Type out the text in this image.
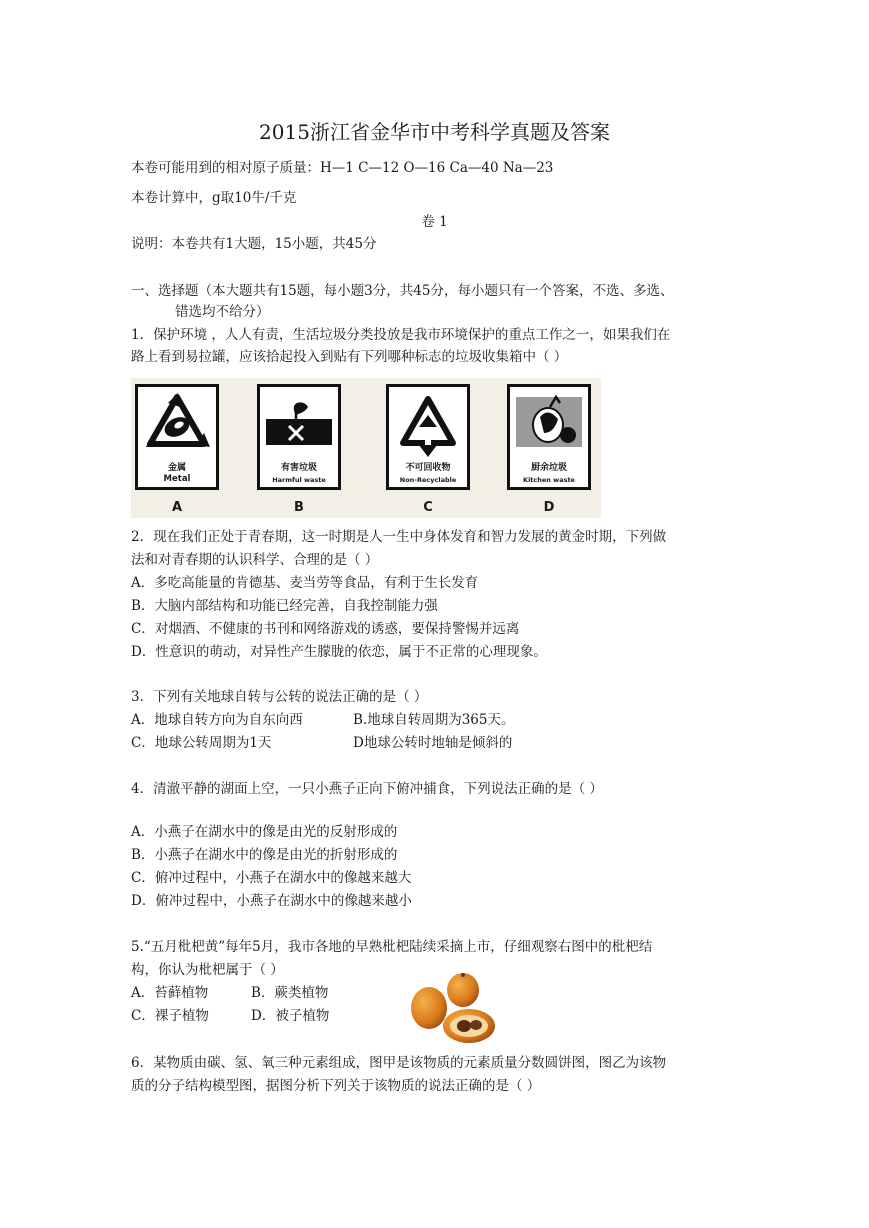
2015浙江省金华市中考科学真题及答案
本卷可能用到的相对原子质量：H—1 C—12 O—16 Ca—40 Na—23
本卷计算中，g取10牛/千克
卷 1
说明：本卷共有1大题，15小题，共45分
一、选择题（本大题共有15题，每小题3分，共45分，每小题只有一个答案，不选、多选、
错选均不给分）
1．保护环境 ，人人有责，生活垃圾分类投放是我市环境保护的重点工作之一，如果我们在
路上看到易拉罐，应该拾起投入到贴有下列哪种标志的垃圾收集箱中（ ）
金属
Metal
有害垃圾
Harmful waste
不可回收物
Non-Recyclable
厨余垃圾
Kitchen waste
A	B	C	D
2．现在我们正处于青春期，这一时期是人一生中身体发育和智力发展的黄金时期，下列做
法和对青春期的认识科学、合理的是（ ）
A．多吃高能量的肯德基、麦当劳等食品，有利于生长发育
B．大脑内部结构和功能已经完善，自我控制能力强
C．对烟酒、不健康的书刊和网络游戏的诱惑，要保持警惕并远离
D．性意识的萌动，对异性产生朦胧的依恋，属于不正常的心理现象。
3．下列有关地球自转与公转的说法正确的是（ ）
A．地球自转方向为自东向西	B.地球自转周期为365天。
C．地球公转周期为1天	D地球公转时地轴是倾斜的
4．清澈平静的湖面上空，一只小燕子正向下俯冲捕食，下列说法正确的是（ ）
A．小燕子在湖水中的像是由光的反射形成的
B．小燕子在湖水中的像是由光的折射形成的
C．俯冲过程中，小燕子在湖水中的像越来越大
D．俯冲过程中，小燕子在湖水中的像越来越小
5.“五月枇杷黄”每年5月，我市各地的早熟枇杷陆续采摘上市，仔细观察右图中的枇杷结
构，你认为枇杷属于（ ）
A．苔藓植物	B．蕨类植物
C．裸子植物	D．被子植物
6．某物质由碳、氢、氧三种元素组成，图甲是该物质的元素质量分数圆饼图，图乙为该物
质的分子结构模型图，据图分析下列关于该物质的说法正确的是（ ）
